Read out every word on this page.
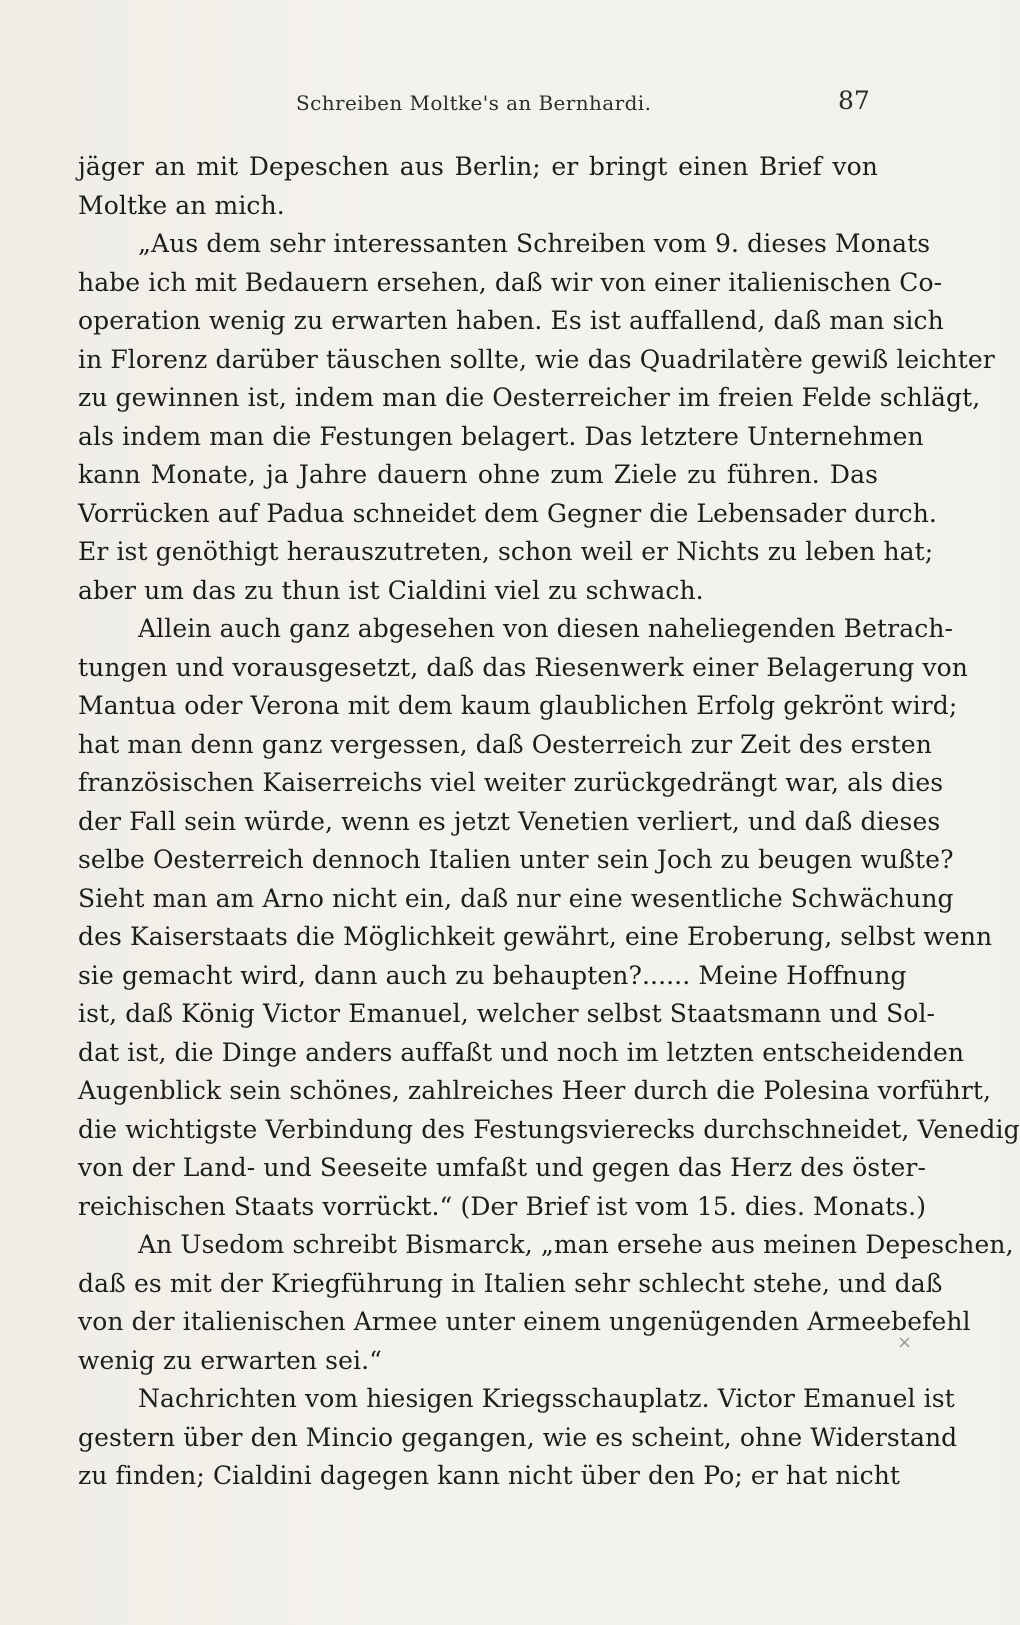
Schreiben Moltke's an Bernhardi.	87
jäger an mit Depeschen aus Berlin; er bringt einen Brief von
Moltke an mich.
„Aus dem sehr interessanten Schreiben vom 9. dieses Monats
habe ich mit Bedauern ersehen, daß wir von einer italienischen Co-
operation wenig zu erwarten haben. Es ist auffallend, daß man sich
in Florenz darüber täuschen sollte, wie das Quadrilatère gewiß leichter
zu gewinnen ist, indem man die Oesterreicher im freien Felde schlägt,
als indem man die Festungen belagert. Das letztere Unternehmen
kann Monate, ja Jahre dauern ohne zum Ziele zu führen. Das
Vorrücken auf Padua schneidet dem Gegner die Lebensader durch.
Er ist genöthigt herauszutreten, schon weil er Nichts zu leben hat;
aber um das zu thun ist Cialdini viel zu schwach.
Allein auch ganz abgesehen von diesen naheliegenden Betrach-
tungen und vorausgesetzt, daß das Riesenwerk einer Belagerung von
Mantua oder Verona mit dem kaum glaublichen Erfolg gekrönt wird;
hat man denn ganz vergessen, daß Oesterreich zur Zeit des ersten
französischen Kaiserreichs viel weiter zurückgedrängt war, als dies
der Fall sein würde, wenn es jetzt Venetien verliert, und daß dieses
selbe Oesterreich dennoch Italien unter sein Joch zu beugen wußte?
Sieht man am Arno nicht ein, daß nur eine wesentliche Schwächung
des Kaiserstaats die Möglichkeit gewährt, eine Eroberung, selbst wenn
sie gemacht wird, dann auch zu behaupten?...... Meine Hoffnung
ist, daß König Victor Emanuel, welcher selbst Staatsmann und Sol-
dat ist, die Dinge anders auffaßt und noch im letzten entscheidenden
Augenblick sein schönes, zahlreiches Heer durch die Polesina vorführt,
die wichtigste Verbindung des Festungsvierecks durchschneidet, Venedig
von der Land- und Seeseite umfaßt und gegen das Herz des öster-
reichischen Staats vorrückt.“ (Der Brief ist vom 15. dies. Monats.)
An Usedom schreibt Bismarck, „man ersehe aus meinen Depeschen,
daß es mit der Kriegführung in Italien sehr schlecht stehe, und daß
von der italienischen Armee unter einem ungenügenden Armeebefehl
wenig zu erwarten sei.“
Nachrichten vom hiesigen Kriegsschauplatz. Victor Emanuel ist
gestern über den Mincio gegangen, wie es scheint, ohne Widerstand
zu finden; Cialdini dagegen kann nicht über den Po; er hat nicht
×
